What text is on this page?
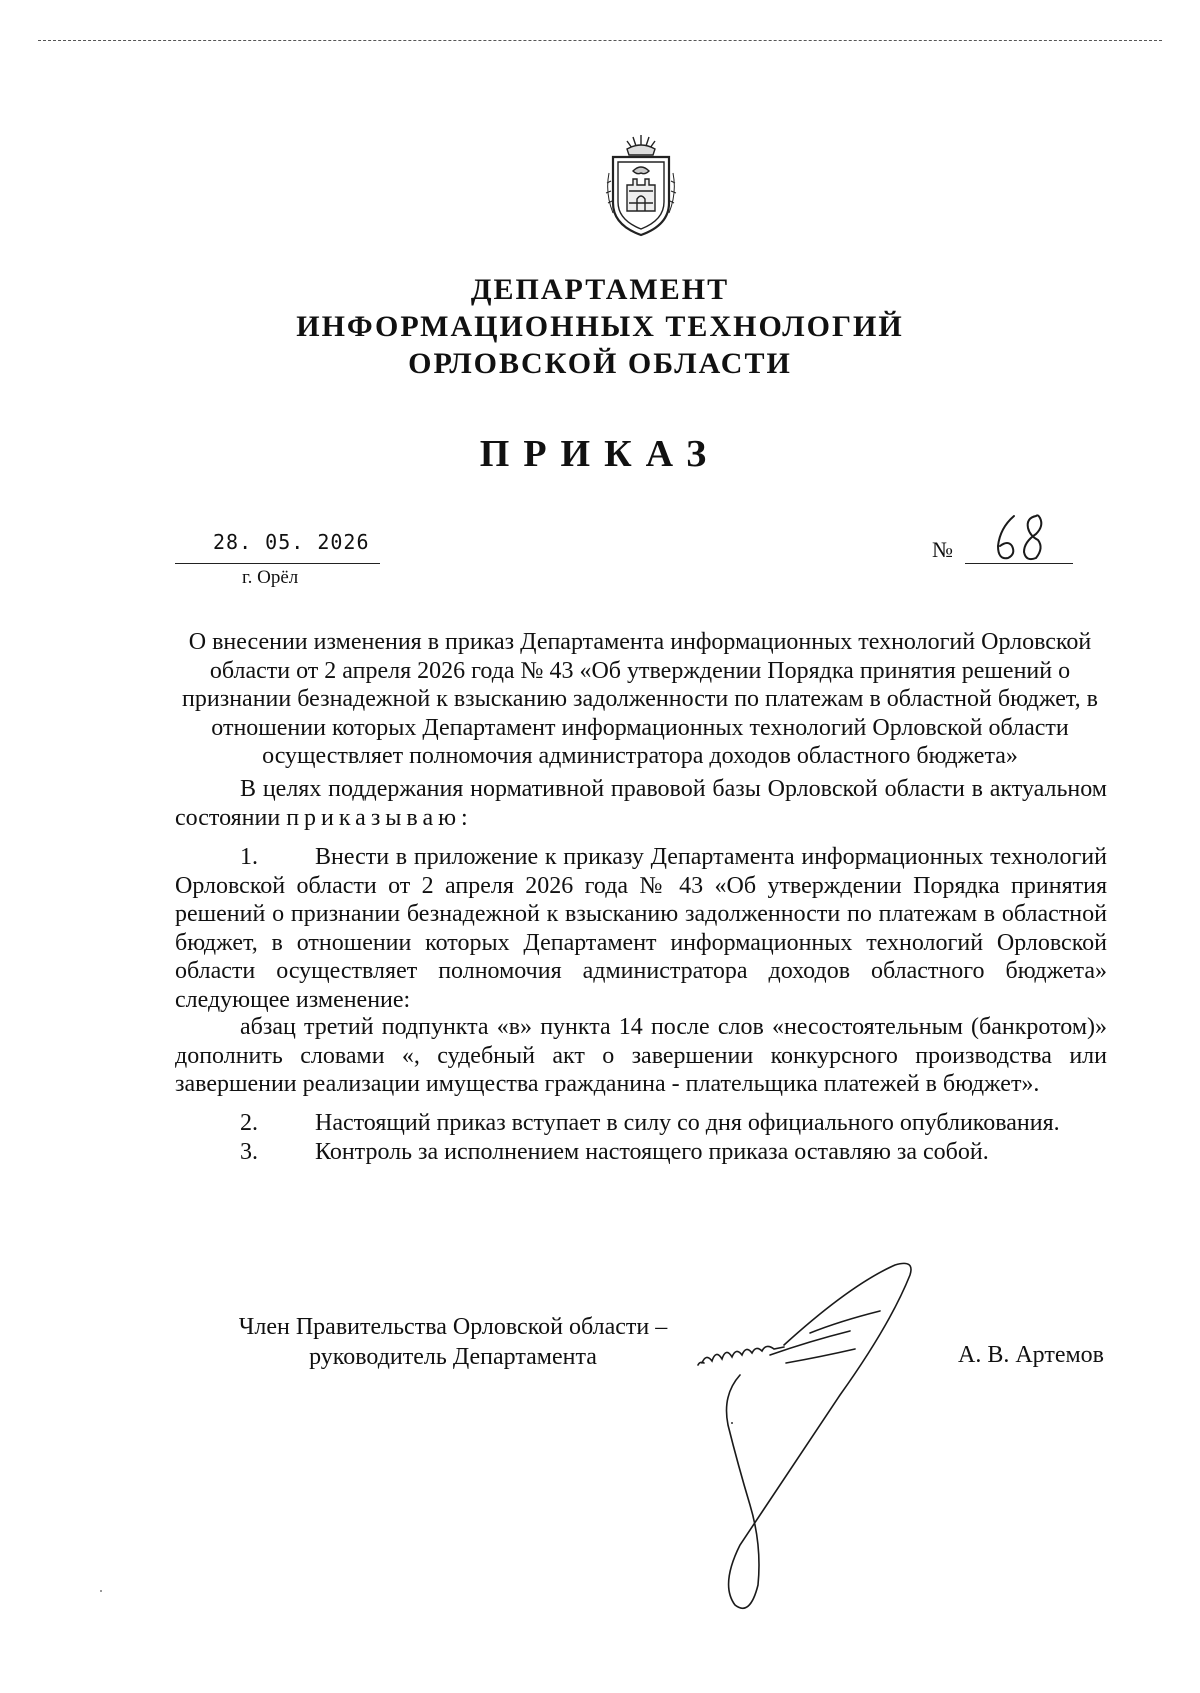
ДЕПАРТАМЕНТ
ИНФОРМАЦИОННЫХ ТЕХНОЛОГИЙ
ОРЛОВСКОЙ ОБЛАСТИ
ПРИКАЗ
28. 05. 2026
г. Орёл
№
О внесении изменения в приказ Департамента информационных технологий Орловской области от 2 апреля 2026 года № 43 «Об утверждении Порядка принятия решений о признании безнадежной к взысканию задолженности по платежам в областной бюджет, в отношении которых Департамент информационных технологий Орловской области осуществляет полномочия администратора доходов областного бюджета»
В целях поддержания нормативной правовой базы Орловской области в актуальном состоянии приказываю:
1. Внести в приложение к приказу Департамента информационных технологий Орловской области от 2 апреля 2026 года № 43 «Об утверждении Порядка принятия решений о признании безнадежной к взысканию задолженности по платежам в областной бюджет, в отношении которых Департамент информационных технологий Орловской области осуществляет полномочия администратора доходов областного бюджета» следующее изменение:
абзац третий подпункта «в» пункта 14 после слов «несостоятельным (банкротом)» дополнить словами «, судебный акт о завершении конкурсного производства или завершении реализации имущества гражданина - плательщика платежей в бюджет».
2. Настоящий приказ вступает в силу со дня официального опубликования.
3. Контроль за исполнением настоящего приказа оставляю за собой.
Член Правительства Орловской области –
руководитель Департамента	А. В. Артемов
